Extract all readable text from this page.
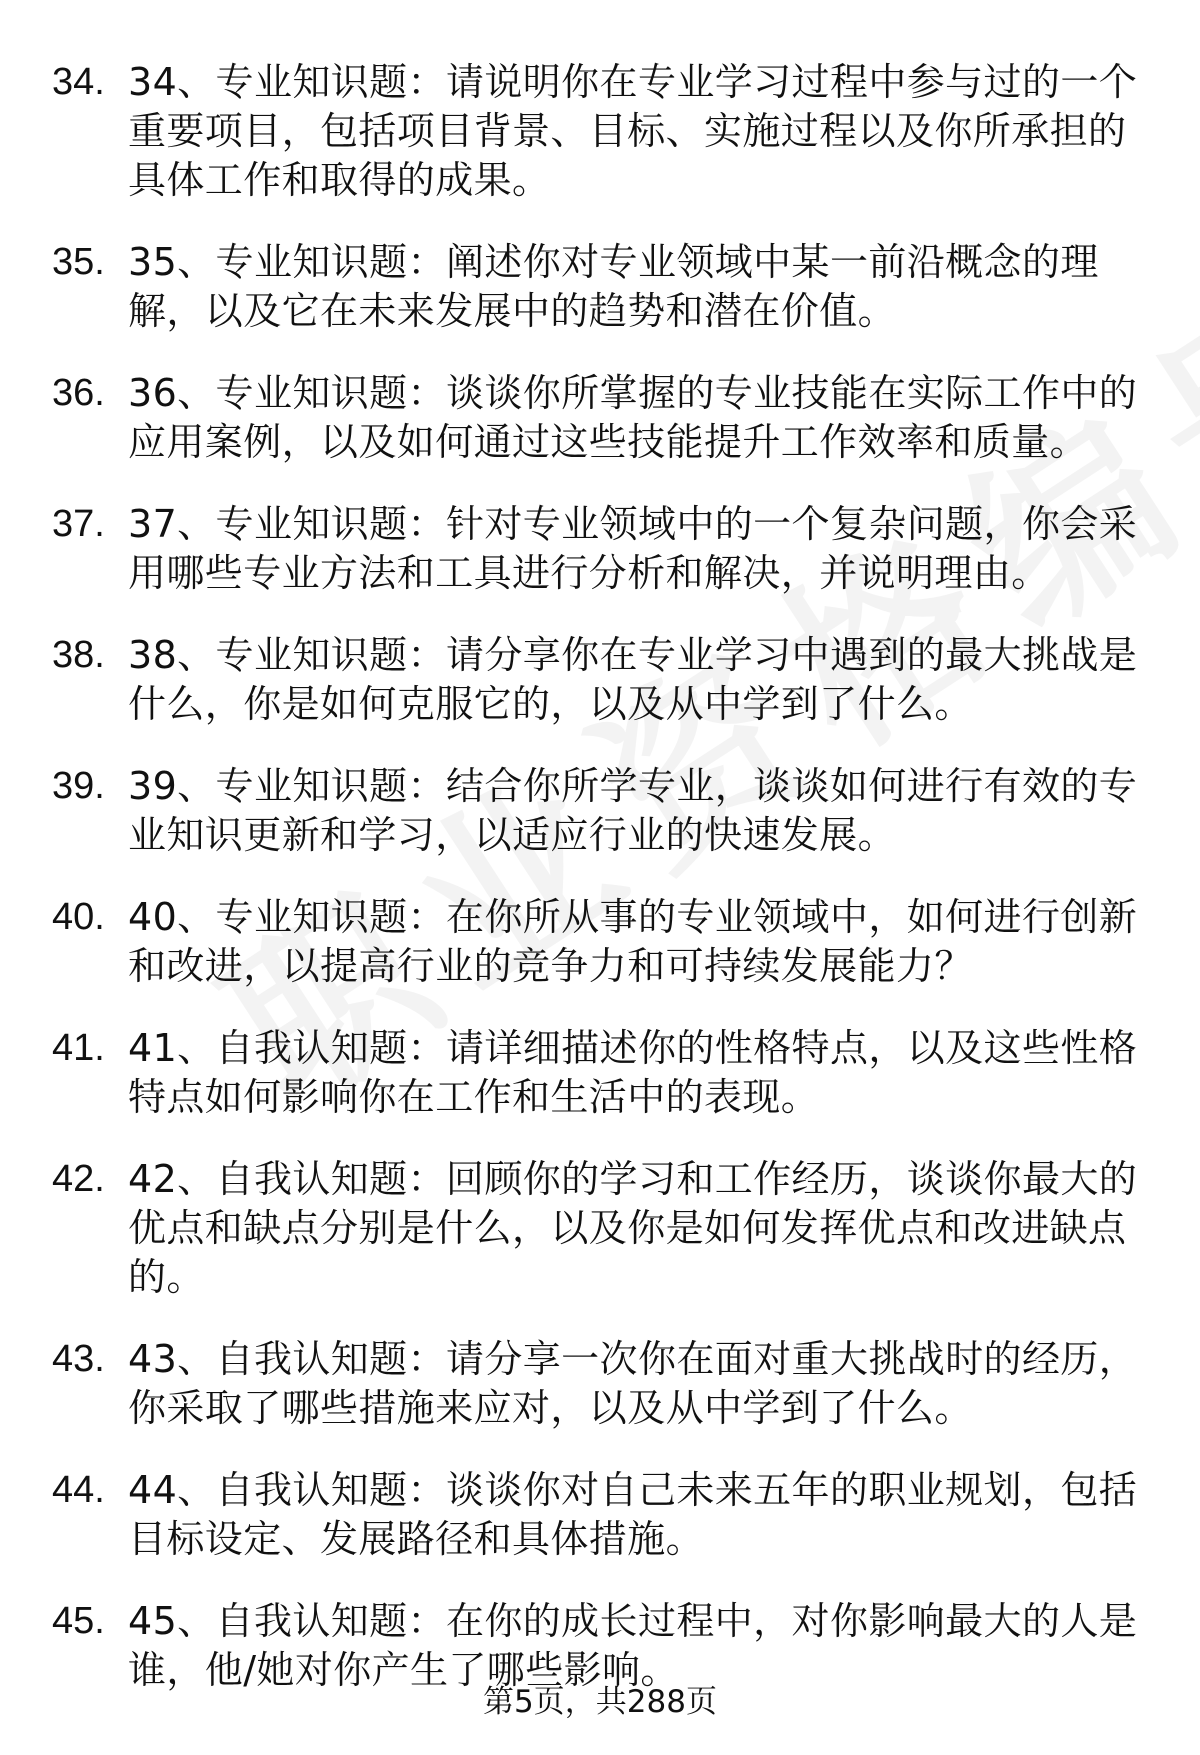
34. 34、专业知识题：请说明你在专业学习过程中参与过的一个重要项目，包括项目背景、目标、实施过程以及你所承担的具体工作和取得的成果。
35. 35、专业知识题：阐述你对专业领域中某一前沿概念的理解，以及它在未来发展中的趋势和潜在价值。
36. 36、专业知识题：谈谈你所掌握的专业技能在实际工作中的应用案例，以及如何通过这些技能提升工作效率和质量。
37. 37、专业知识题：针对专业领域中的一个复杂问题，你会采用哪些专业方法和工具进行分析和解决，并说明理由。
38. 38、专业知识题：请分享你在专业学习中遇到的最大挑战是什么，你是如何克服它的，以及从中学到了什么。
39. 39、专业知识题：结合你所学专业，谈谈如何进行有效的专业知识更新和学习，以适应行业的快速发展。
40. 40、专业知识题：在你所从事的专业领域中，如何进行创新和改进，以提高行业的竞争力和可持续发展能力？
41. 41、自我认知题：请详细描述你的性格特点，以及这些性格特点如何影响你在工作和生活中的表现。
42. 42、自我认知题：回顾你的学习和工作经历，谈谈你最大的优点和缺点分别是什么，以及你是如何发挥优点和改进缺点的。
43. 43、自我认知题：请分享一次你在面对重大挑战时的经历，你采取了哪些措施来应对，以及从中学到了什么。
44. 44、自我认知题：谈谈你对自己未来五年的职业规划，包括目标设定、发展路径和具体措施。
45. 45、自我认知题：在你的成长过程中，对你影响最大的人是谁，他/她对你产生了哪些影响。
第5页，共288页
